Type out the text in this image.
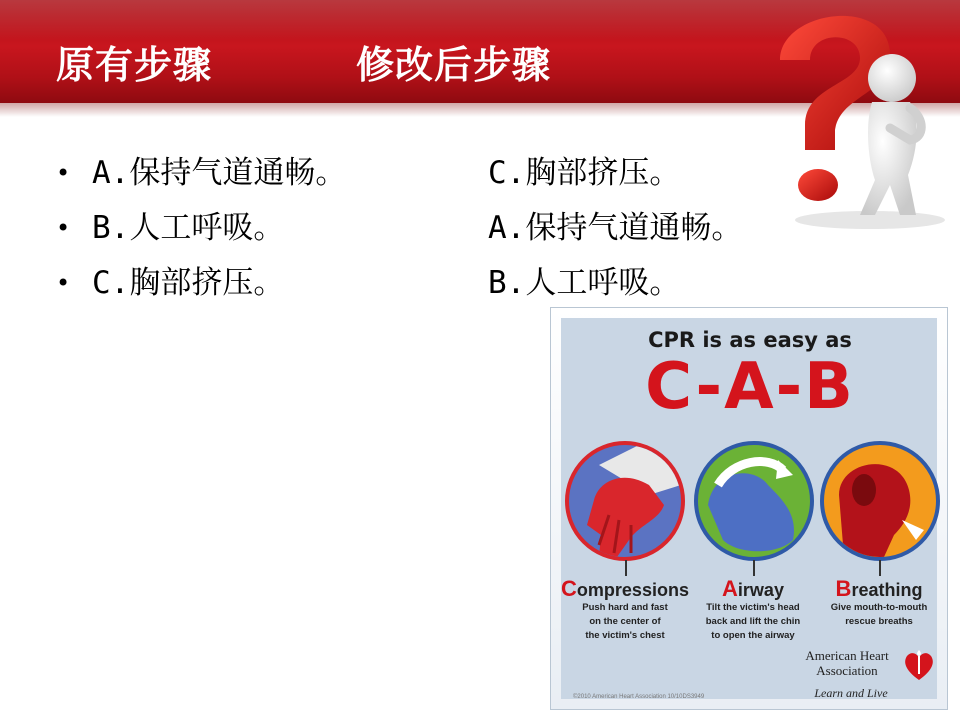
原有步骤	修改后步骤
• A.保持气道通畅。
• B.人工呼吸。
• C.胸部挤压。
C.胸部挤压。
A.保持气道通畅。
B.人工呼吸。
CPR is as easy as
C-A-B
Compressions	Airway	Breathing
Push hard and fast
on the center of
the victim's chest
Tilt the victim's head
back and lift the chin
to open the airway
Give mouth-to-mouth
rescue breaths
American Heart
Association
Learn and Live
©2010 American Heart Association 10/10DS3949
